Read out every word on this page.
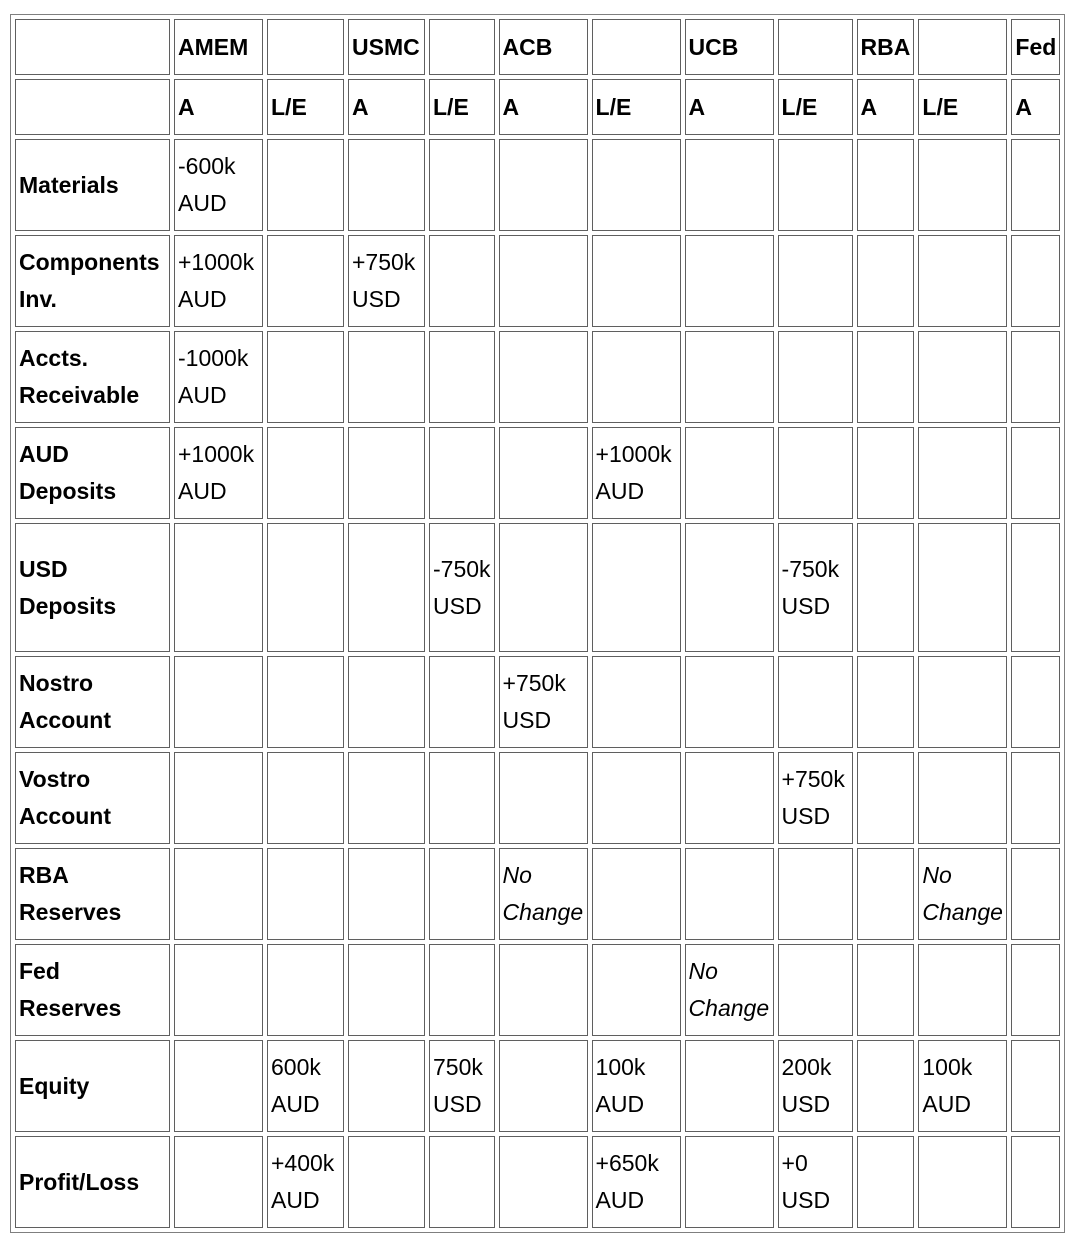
	AMEM		USMC		ACB		UCB		RBA		Fed
	A	L/E	A	L/E	A	L/E	A	L/E	A	L/E	A
Materials	-600k AUD										
Components Inv.	+1000k AUD		+750k USD								
Accts. Receivable	-1000k AUD										
AUD Deposits	+1000k AUD					+1000k AUD					
USD Deposits				-750k USD				-750k USD			
Nostro Account					+750k USD						
Vostro Account								+750k USD			
RBA Reserves					No Change					No Change	
Fed Reserves							No Change				
Equity		600k AUD		750k USD		100k AUD		200k USD		100k AUD	
Profit/Loss		+400k AUD				+650k AUD		+0 USD			
